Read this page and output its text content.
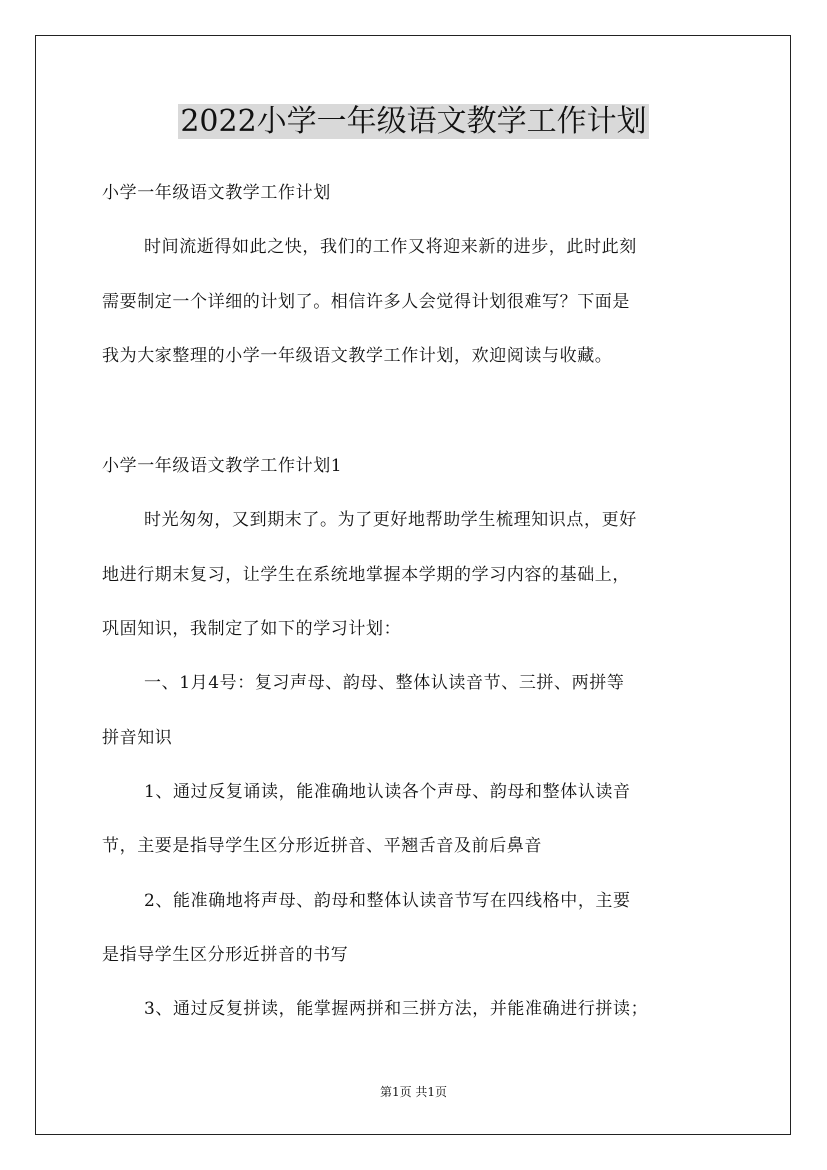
2022小学一年级语文教学工作计划
小学一年级语文教学工作计划
时间流逝得如此之快，我们的工作又将迎来新的进步，此时此刻
需要制定一个详细的计划了。相信许多人会觉得计划很难写？下面是
我为大家整理的小学一年级语文教学工作计划，欢迎阅读与收藏。
小学一年级语文教学工作计划1
时光匆匆，又到期末了。为了更好地帮助学生梳理知识点，更好
地进行期末复习，让学生在系统地掌握本学期的学习内容的基础上，
巩固知识，我制定了如下的学习计划：
一、1月4号：复习声母、韵母、整体认读音节、三拼、两拼等
拼音知识
1、通过反复诵读，能准确地认读各个声母、韵母和整体认读音
节，主要是指导学生区分形近拼音、平翘舌音及前后鼻音
2、能准确地将声母、韵母和整体认读音节写在四线格中，主要
是指导学生区分形近拼音的书写
3、通过反复拼读，能掌握两拼和三拼方法，并能准确进行拼读；
第1页 共1页
